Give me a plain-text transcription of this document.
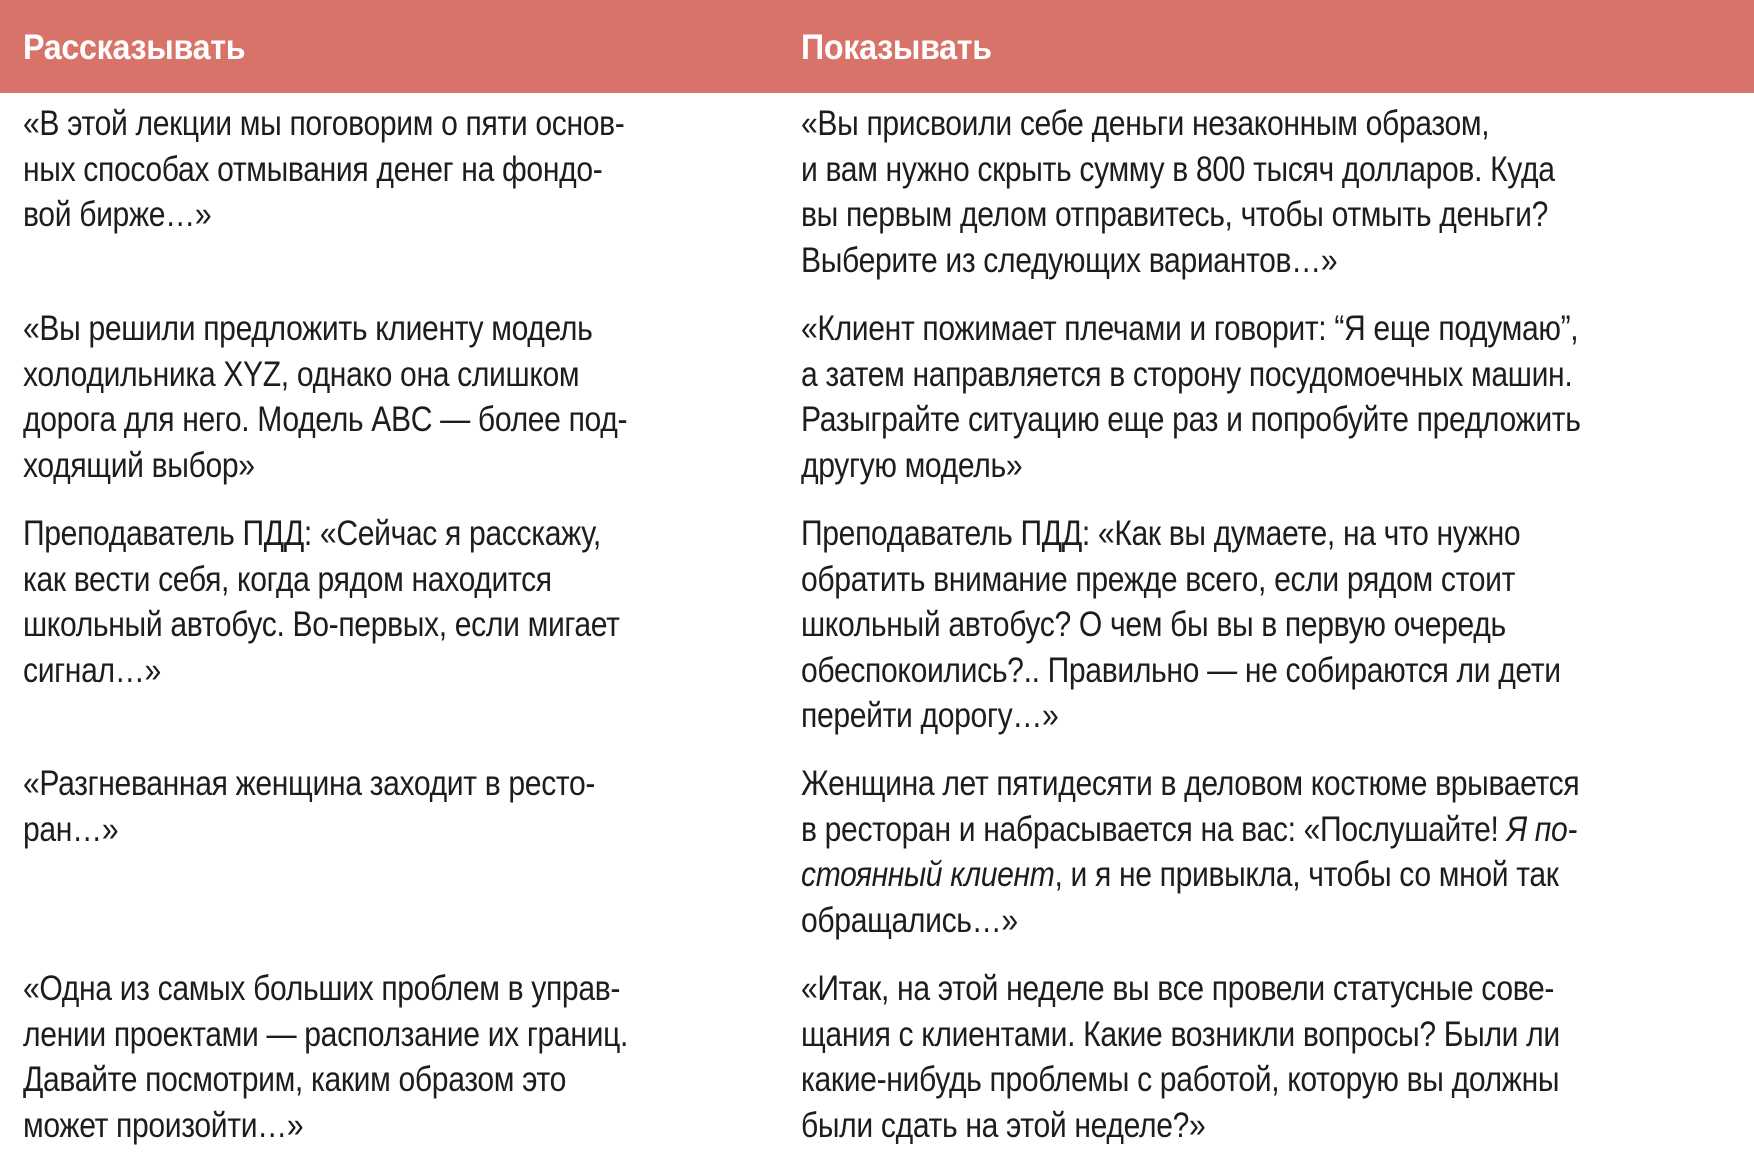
Рассказывать	Показывать
«В этой лекции мы поговорим о пяти основ-
ных способах отмывания денег на фондо-
вой бирже…»
«Вы присвоили себе деньги незаконным образом,
и вам нужно скрыть сумму в 800 тысяч долларов. Куда
вы первым делом отправитесь, чтобы отмыть деньги?
Выберите из следующих вариантов…»
«Вы решили предложить клиенту модель
холодильника XYZ, однако она слишком
дорога для него. Модель ABC — более под-
ходящий выбор»
«Клиент пожимает плечами и говорит: “Я еще подумаю”,
а затем направляется в сторону посудомоечных машин.
Разыграйте ситуацию еще раз и попробуйте предложить
другую модель»
Преподаватель ПДД: «Сейчас я расскажу,
как вести себя, когда рядом находится
школьный автобус. Во-первых, если мигает
сигнал…»
Преподаватель ПДД: «Как вы думаете, на что нужно
обратить внимание прежде всего, если рядом стоит
школьный автобус? О чем бы вы в первую очередь
обеспокоились?.. Правильно — не собираются ли дети
перейти дорогу…»
«Разгневанная женщина заходит в ресто-
ран…»
Женщина лет пятидесяти в деловом костюме врывается
в ресторан и набрасывается на вас: «Послушайте! Я по-
стоянный клиент, и я не привыкла, чтобы со мной так
обращались…»
«Одна из самых больших проблем в управ-
лении проектами — расползание их границ.
Давайте посмотрим, каким образом это
может произойти…»
«Итак, на этой неделе вы все провели статусные сове-
щания с клиентами. Какие возникли вопросы? Были ли
какие-нибудь проблемы с работой, которую вы должны
были сдать на этой неделе?»
